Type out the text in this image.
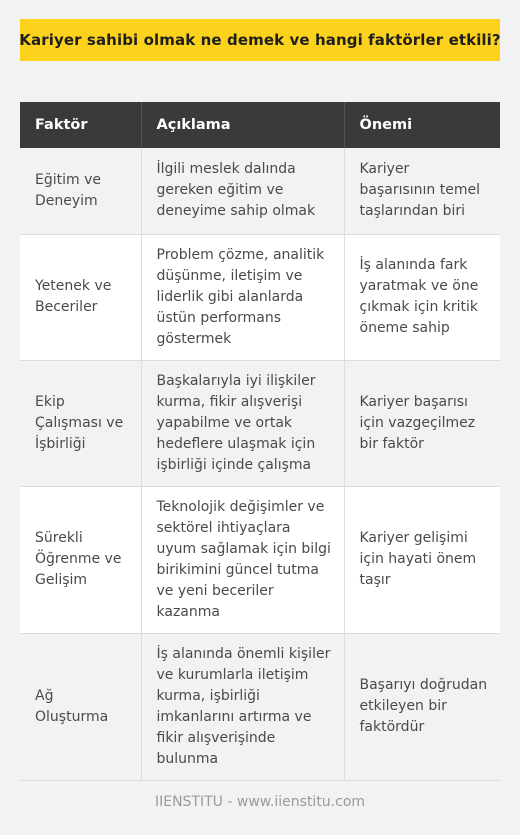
Kariyer sahibi olmak ne demek ve hangi faktörler etkili?
Faktör	Açıklama	Önemi
Eğitim ve Deneyim	İlgili meslek dalında gereken eğitim ve deneyime sahip olmak	Kariyer başarısının temel taşlarından biri
Yetenek ve Beceriler	Problem çözme, analitik düşünme, iletişim ve liderlik gibi alanlarda üstün performans göstermek	İş alanında fark yaratmak ve öne çıkmak için kritik öneme sahip
Ekip Çalışması ve İşbirliği	Başkalarıyla iyi ilişkiler kurma, fikir alışverişi yapabilme ve ortak hedeflere ulaşmak için işbirliği içinde çalışma	Kariyer başarısı için vazgeçilmez bir faktör
Sürekli Öğrenme ve Gelişim	Teknolojik değişimler ve sektörel ihtiyaçlara uyum sağlamak için bilgi birikimini güncel tutma ve yeni beceriler kazanma	Kariyer gelişimi için hayati önem taşır
Ağ Oluşturma	İş alanında önemli kişiler ve kurumlarla iletişim kurma, işbirliği imkanlarını artırma ve fikir alışverişinde bulunma	Başarıyı doğrudan etkileyen bir faktördür
IIENSTITU - www.iienstitu.com
